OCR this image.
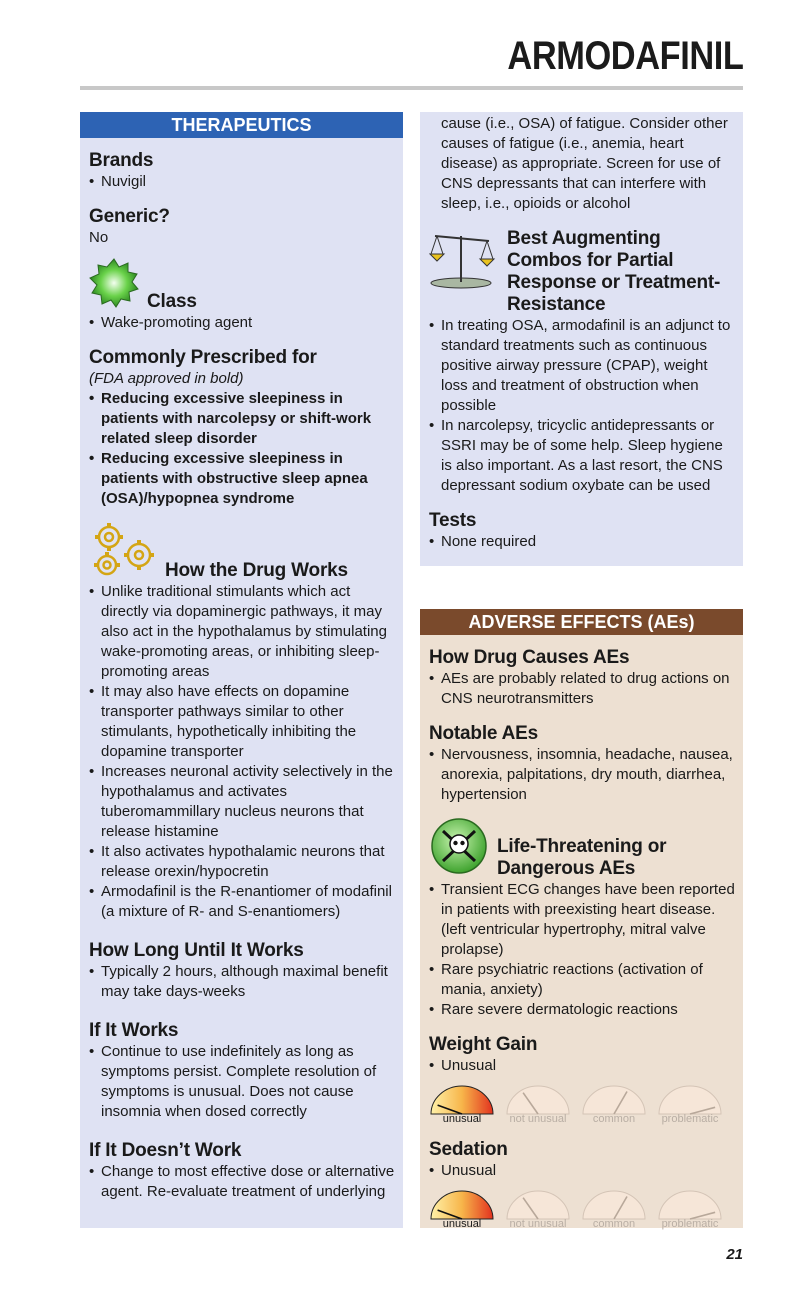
ARMODAFINIL
THERAPEUTICS
Brands
• Nuvigil
Generic?

No

Class
• Wake-promoting agent
Commonly Prescribed for

(FDA approved in bold)

• Reducing excessive sleepiness in patients with narcolepsy or shift-work related sleep disorder
• Reducing excessive sleepiness in patients with obstructive sleep apnea (OSA)/hypopnea syndrome
How the Drug Works
• Unlike traditional stimulants which act directly via dopaminergic pathways, it may also act in the hypothalamus by stimulating wake-promoting areas, or inhibiting sleep-promoting areas
• It may also have effects on dopamine transporter pathways similar to other stimulants, hypothetically inhibiting the dopamine transporter
• Increases neuronal activity selectively in the hypothalamus and activates tuberomammillary nucleus neurons that release histamine
• It also activates hypothalamic neurons that release orexin/hypocretin
• Armodafinil is the R-enantiomer of modafinil (a mixture of R- and S-enantiomers)
How Long Until It Works
• Typically 2 hours, although maximal benefit may take days-weeks
If It Works
• Continue to use indefinitely as long as symptoms persist. Complete resolution of symptoms is unusual. Does not cause insomnia when dosed correctly
If It Doesn’t Work
• Change to most effective dose or alternative agent. Re-evaluate treatment of underlying

cause (i.e., OSA) of fatigue. Consider other causes of fatigue (i.e., anemia, heart disease) as appropriate. Screen for use of CNS depressants that can interfere with sleep, i.e., opioids or alcohol

Best Augmenting Combos for Partial Response or Treatment-Resistance
• In treating OSA, armodafinil is an adjunct to standard treatments such as continuous positive airway pressure (CPAP), weight loss and treatment of obstruction when possible
• In narcolepsy, tricyclic antidepressants or SSRI may be of some help. Sleep hygiene is also important. As a last resort, the CNS depressant sodium oxybate can be used
Tests
• None required
ADVERSE EFFECTS (AEs)
How Drug Causes AEs
• AEs are probably related to drug actions on CNS neurotransmitters
Notable AEs
• Nervousness, insomnia, headache, nausea, anorexia, palpitations, dry mouth, diarrhea, hypertension
Life-Threatening or Dangerous AEs
• Transient ECG changes have been reported in patients with preexisting heart disease. (left ventricular hypertrophy, mitral valve prolapse)
• Rare psychiatric reactions (activation of mania, anxiety)
• Rare severe dermatologic reactions
Weight Gain
• Unusual
unusual	not unusual	common	problematic
Sedation
• Unusual
unusual	not unusual	common	problematic
21
